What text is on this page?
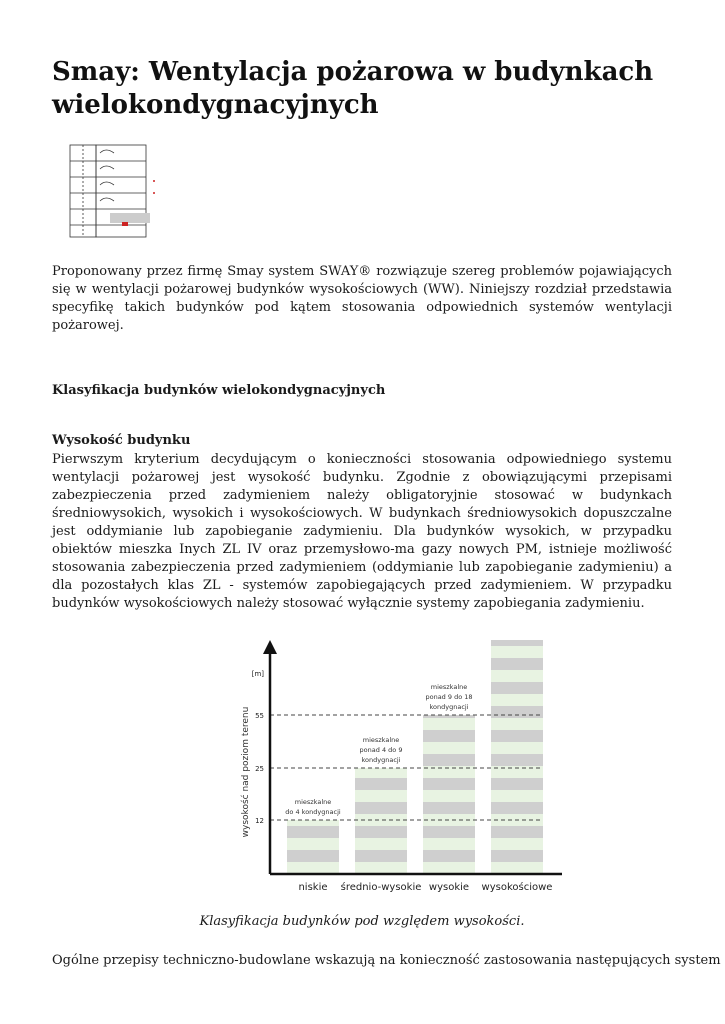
Smay: Wentylacja pożarowa w budynkach wielokondygnacyjnych

Proponowany przez firmę Smay system SWAY® rozwiązuje szereg problemów pojawiających się w wentylacji pożarowej budynków wysokościowych (WW). Niniejszy rozdział przedstawia specyfikę takich budynków pod kątem stosowania odpowiednich systemów wentylacji pożarowej.

Klasyfikacja budynków wielokondygnacyjnych

Wysokość budynku

Pierwszym kryterium decydującym o konieczności stosowania odpowiedniego systemu wentylacji pożarowej jest wysokość budynku. Zgodnie z obowiązującymi przepisami zabezpieczenia przed zadymieniem należy obligatoryjnie stosować w budynkach średniowysokich, wysokich i wysokościowych. W budynkach średniowysokich dopuszczalne jest oddymianie lub zapobieganie zadymieniu. Dla budynków wysokich, w przypadku obiektów mieszka Inych ZL IV oraz przemysłowo-ma gazy nowych PM, istnieje możliwość stosowania zabezpieczenia przed zadymieniem (oddymianie lub zapobieganie zadymieniu) a dla pozostałych klas ZL - systemów zapobiegających przed zadymieniem. W przypadku budynków wysokościowych należy stosować wyłącznie systemy zapobiegania zadymieniu.

niskie
mieszkalne
do 4 kondygnacji
średnio-wysokie
mieszkalne
ponad 4 do 9
kondygnacji
wysokie
mieszkalne
ponad 9 do 18
kondygnacji
wysokościowe
12
25
55
[m]
wysokość nad poziom terenu

Klasyfikacja budynków pod względem wysokości.

Ogólne przepisy techniczno-budowlane wskazują na konieczność zastosowania następujących system
